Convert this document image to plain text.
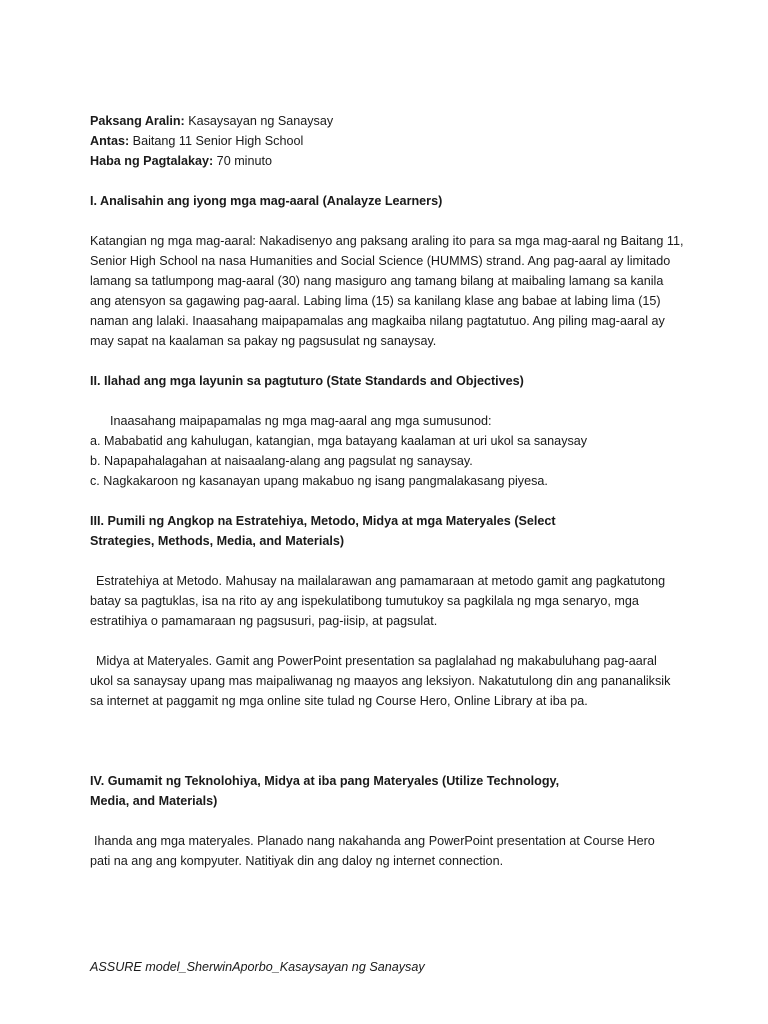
Paksang Aralin: Kasaysayan ng Sanaysay
Antas: Baitang 11 Senior High School
Haba ng Pagtalakay: 70 minuto
I. Analisahin ang iyong mga mag-aaral (Analayze Learners)
Katangian ng mga mag-aaral: Nakadisenyo ang paksang araling ito para sa mga mag-aaral ng Baitang 11,
Senior High School na nasa Humanities and Social Science (HUMMS) strand. Ang pag-aaral ay limitado
lamang sa tatlumpong mag-aaral (30) nang masiguro ang tamang bilang at maibaling lamang sa kanila
ang atensyon sa gagawing pag-aaral. Labing lima (15) sa kanilang klase ang babae at labing lima (15)
naman ang lalaki. Inaasahang maipapamalas ang magkaiba nilang pagtatutuo. Ang piling mag-aaral ay
may sapat na kaalaman sa pakay ng pagsusulat ng sanaysay.
II. Ilahad ang mga layunin sa pagtuturo (State Standards and Objectives)
Inaasahang maipapamalas ng mga mag-aaral ang mga sumusunod:
a. Mababatid ang kahulugan, katangian, mga batayang kaalaman at uri ukol sa sanaysay
b. Napapahalagahan at naisaalang-alang ang pagsulat ng sanaysay.
c. Nagkakaroon ng kasanayan upang makabuo ng isang pangmalakasang piyesa.
III. Pumili ng Angkop na Estratehiya, Metodo, Midya at mga Materyales (Select
Strategies, Methods, Media, and Materials)
Estratehiya at Metodo. Mahusay na mailalarawan ang pamamaraan at metodo gamit ang pagkatutong
batay sa pagtuklas, isa na rito ay ang ispekulatibong tumutukoy sa pagkilala ng mga senaryo, mga
estratihiya o pamamaraan ng pagsusuri, pag-iisip, at pagsulat.
Midya at Materyales. Gamit ang PowerPoint presentation sa paglalahad ng makabuluhang pag-aaral
ukol sa sanaysay upang mas maipaliwanag ng maayos ang leksiyon. Nakatutulong din ang pananaliksik
sa internet at paggamit ng mga online site tulad ng Course Hero, Online Library at iba pa.
IV. Gumamit ng Teknolohiya, Midya at iba pang Materyales (Utilize Technology,
Media, and Materials)
Ihanda ang mga materyales. Planado nang nakahanda ang PowerPoint presentation at Course Hero
pati na ang ang kompyuter. Natitiyak din ang daloy ng internet connection.
ASSURE model_SherwinAporbo_Kasaysayan ng Sanaysay
